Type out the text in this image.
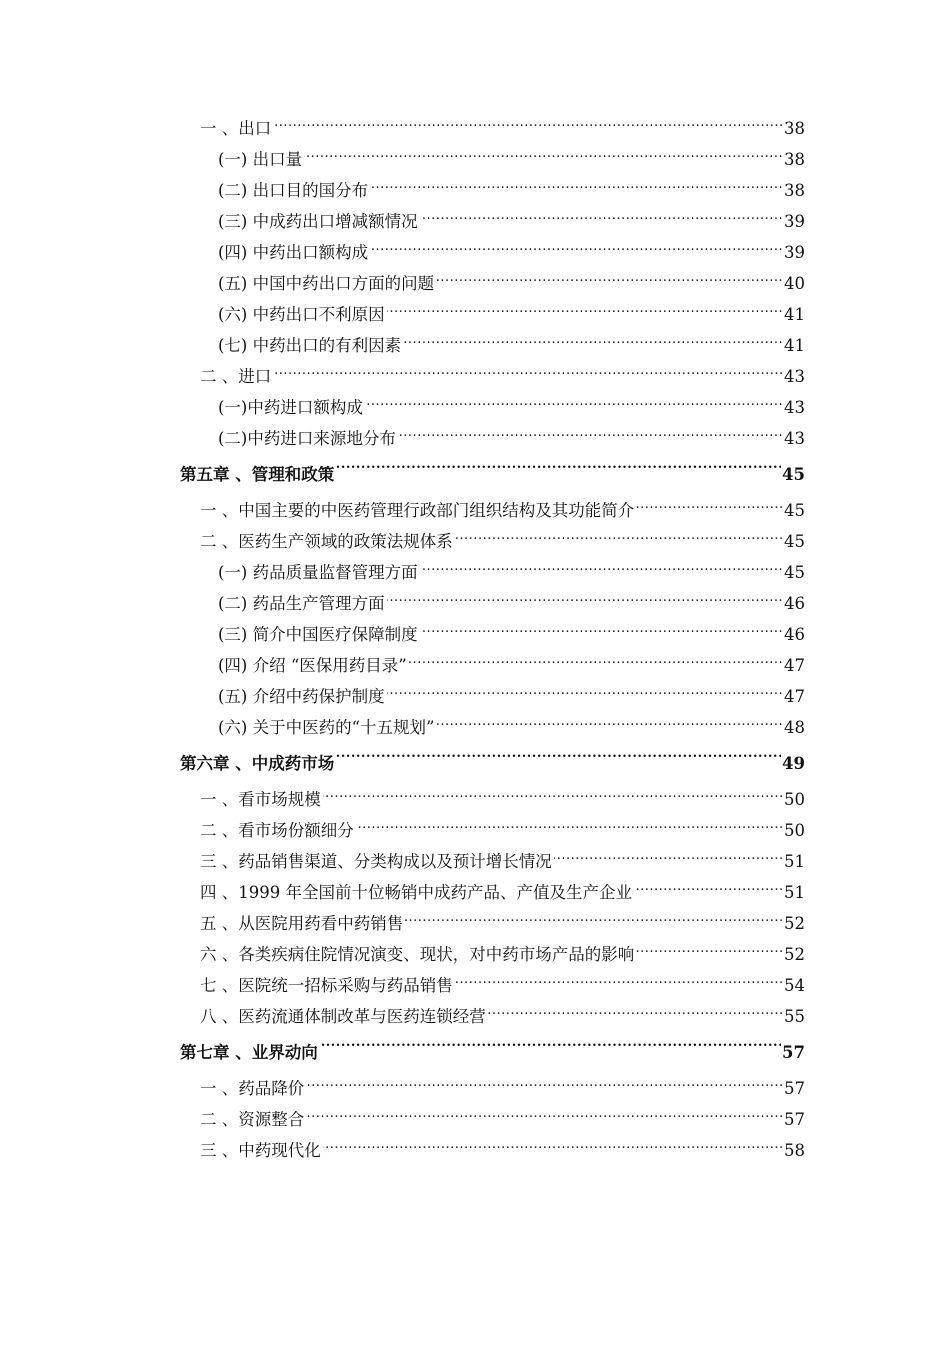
.....
一 、出口	38
.....
(一) 出口量	38
.....
(二) 出口目的国分布	38
.....
(三) 中成药出口增减额情况	39
.....
(四) 中药出口额构成	39
.....
(五) 中国中药出口方面的问题	40
.....
(六) 中药出口不利原因	41
.....
(七) 中药出口的有利因素	41
.....
二 、进口	43
.....
(一)中药进口额构成	43
.....
(二)中药进口来源地分布	43
.....
第五章 、管理和政策	45
.....
一 、中国主要的中医药管理行政部门组织结构及其功能简介	45
.....
二 、医药生产领域的政策法规体系	45
.....
(一) 药品质量监督管理方面	45
.....
(二) 药品生产管理方面	46
.....
(三) 简介中国医疗保障制度	46
.....
(四) 介绍 “医保用药目录”	47
.....
(五) 介绍中药保护制度	47
.....
(六) 关于中医药的“十五规划”	48
.....
第六章 、中成药市场	49
.....
一 、看市场规模	50
.....
二 、看市场份额细分	50
.....
三 、药品销售渠道、分类构成以及预计增长情况	51
.....
四 、1999 年全国前十位畅销中成药产品、产值及生产企业	51
.....
五 、从医院用药看中药销售	52
.....
六 、各类疾病住院情况演变、现状，对中药市场产品的影响	52
.....
七 、医院统一招标采购与药品销售	54
.....
八 、医药流通体制改革与医药连锁经营	55
.....
第七章 、业界动向	57
.....
一 、药品降价	57
.....
二 、资源整合	57
.....
三 、中药现代化	58
